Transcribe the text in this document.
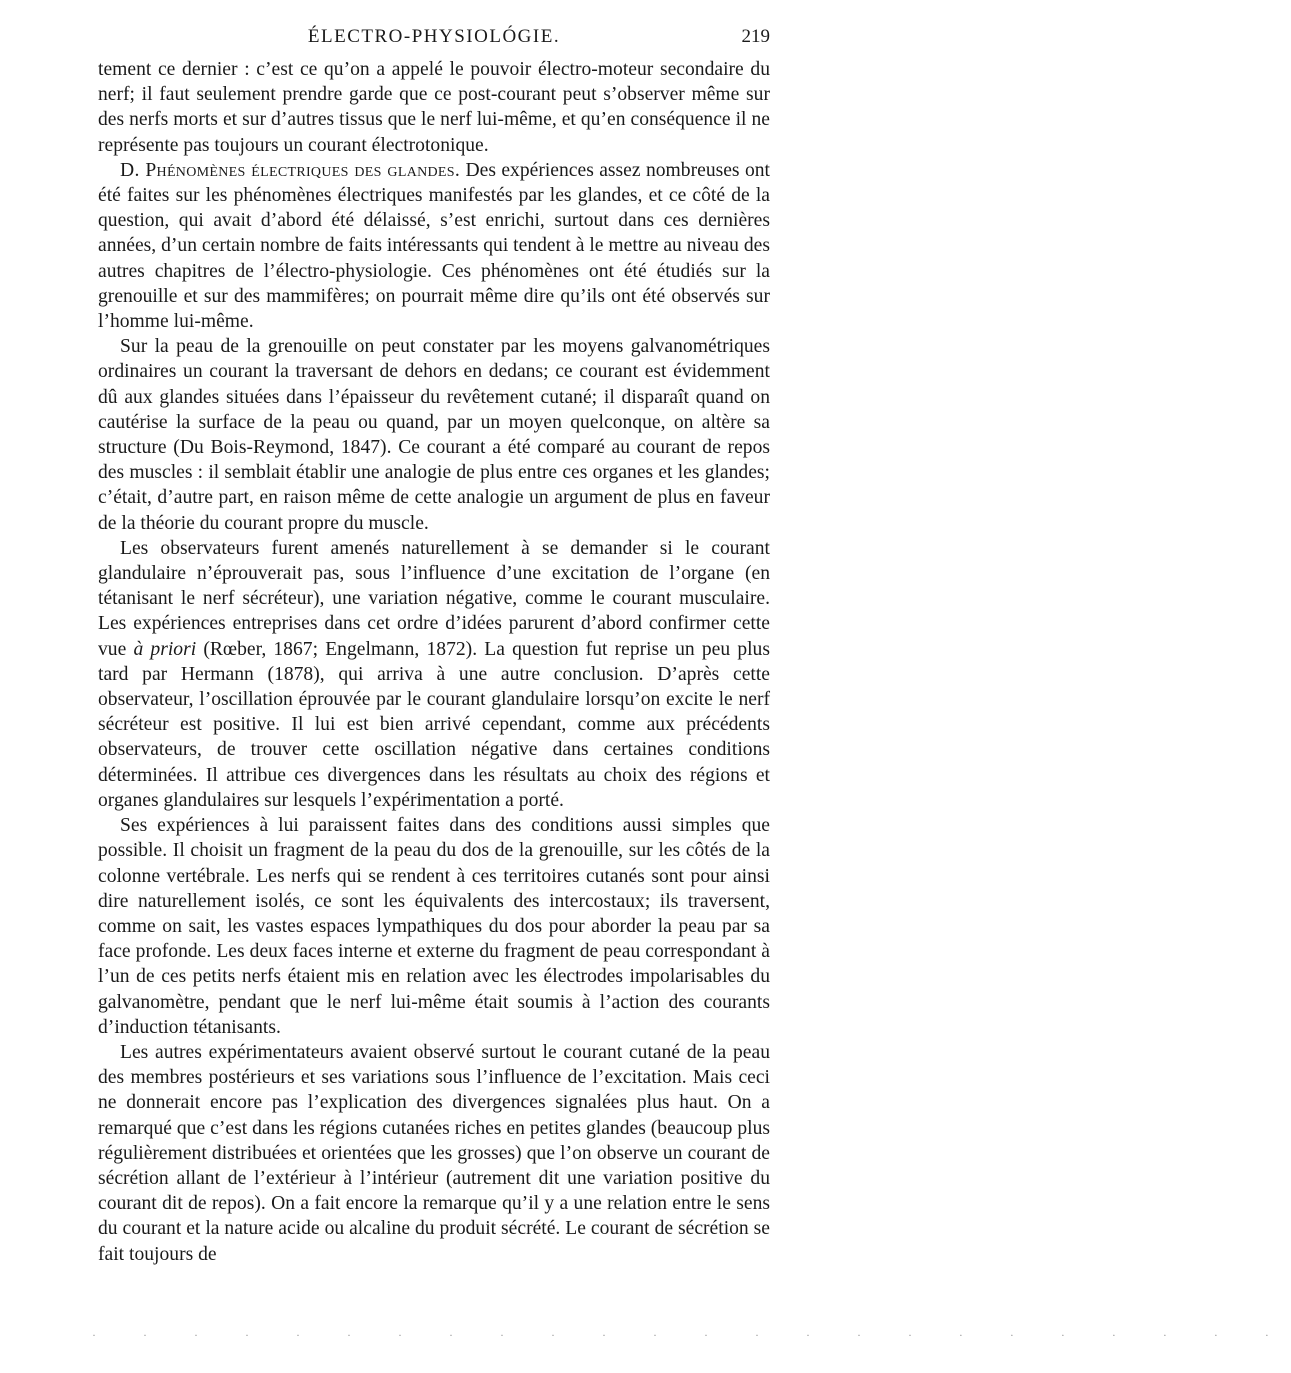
ÉLECTRO-PHYSIOLÓGIE.	219

tement ce dernier : c’est ce qu’on a appelé le pouvoir électro-moteur secondaire du nerf; il faut seulement prendre garde que ce post-courant peut s’observer même sur des nerfs morts et sur d’autres tissus que le nerf lui-même, et qu’en conséquence il ne représente pas toujours un courant électrotonique.

D. Phénomènes électriques des glandes. Des expériences assez nombreuses ont été faites sur les phénomènes électriques manifestés par les glandes, et ce côté de la question, qui avait d’abord été délaissé, s’est enrichi, surtout dans ces dernières années, d’un certain nombre de faits intéressants qui tendent à le mettre au niveau des autres chapitres de l’électro-physiologie. Ces phénomènes ont été étudiés sur la grenouille et sur des mammifères; on pourrait même dire qu’ils ont été observés sur l’homme lui-même.

Sur la peau de la grenouille on peut constater par les moyens galvanométriques ordinaires un courant la traversant de dehors en dedans; ce courant est évidemment dû aux glandes situées dans l’épaisseur du revêtement cutané; il disparaît quand on cautérise la surface de la peau ou quand, par un moyen quelconque, on altère sa structure (Du Bois-Reymond, 1847). Ce courant a été comparé au courant de repos des muscles : il semblait établir une analogie de plus entre ces organes et les glandes; c’était, d’autre part, en raison même de cette analogie un argument de plus en faveur de la théorie du courant propre du muscle.

Les observateurs furent amenés naturellement à se demander si le courant glandulaire n’éprouverait pas, sous l’influence d’une excitation de l’organe (en tétanisant le nerf sécréteur), une variation négative, comme le courant musculaire. Les expériences entreprises dans cet ordre d’idées parurent d’abord confirmer cette vue à priori (Rœber, 1867; Engelmann, 1872). La question fut reprise un peu plus tard par Hermann (1878), qui arriva à une autre conclusion. D’après cette observateur, l’oscillation éprouvée par le courant glandulaire lorsqu’on excite le nerf sécréteur est positive. Il lui est bien arrivé cependant, comme aux précédents observateurs, de trouver cette oscillation négative dans certaines conditions déterminées. Il attribue ces divergences dans les résultats au choix des régions et organes glandulaires sur lesquels l’expérimentation a porté.

Ses expériences à lui paraissent faites dans des conditions aussi simples que possible. Il choisit un fragment de la peau du dos de la grenouille, sur les côtés de la colonne vertébrale. Les nerfs qui se rendent à ces territoires cutanés sont pour ainsi dire naturellement isolés, ce sont les équivalents des intercostaux; ils traversent, comme on sait, les vastes espaces lympathiques du dos pour aborder la peau par sa face profonde. Les deux faces interne et externe du fragment de peau correspondant à l’un de ces petits nerfs étaient mis en relation avec les électrodes impolarisables du galvanomètre, pendant que le nerf lui-même était soumis à l’action des courants d’induction tétanisants.

Les autres expérimentateurs avaient observé surtout le courant cutané de la peau des membres postérieurs et ses variations sous l’influence de l’excitation. Mais ceci ne donnerait encore pas l’explication des divergences signalées plus haut. On a remarqué que c’est dans les régions cutanées riches en petites glandes (beaucoup plus régulièrement distribuées et orientées que les grosses) que l’on observe un courant de sécrétion allant de l’extérieur à l’intérieur (autrement dit une variation positive du courant dit de repos). On a fait encore la remarque qu’il y a une relation entre le sens du courant et la nature acide ou alcaline du produit sécrété. Le courant de sécrétion se fait toujours de

· · · · · · · · · · · · · · · · · · · · · · · ·
